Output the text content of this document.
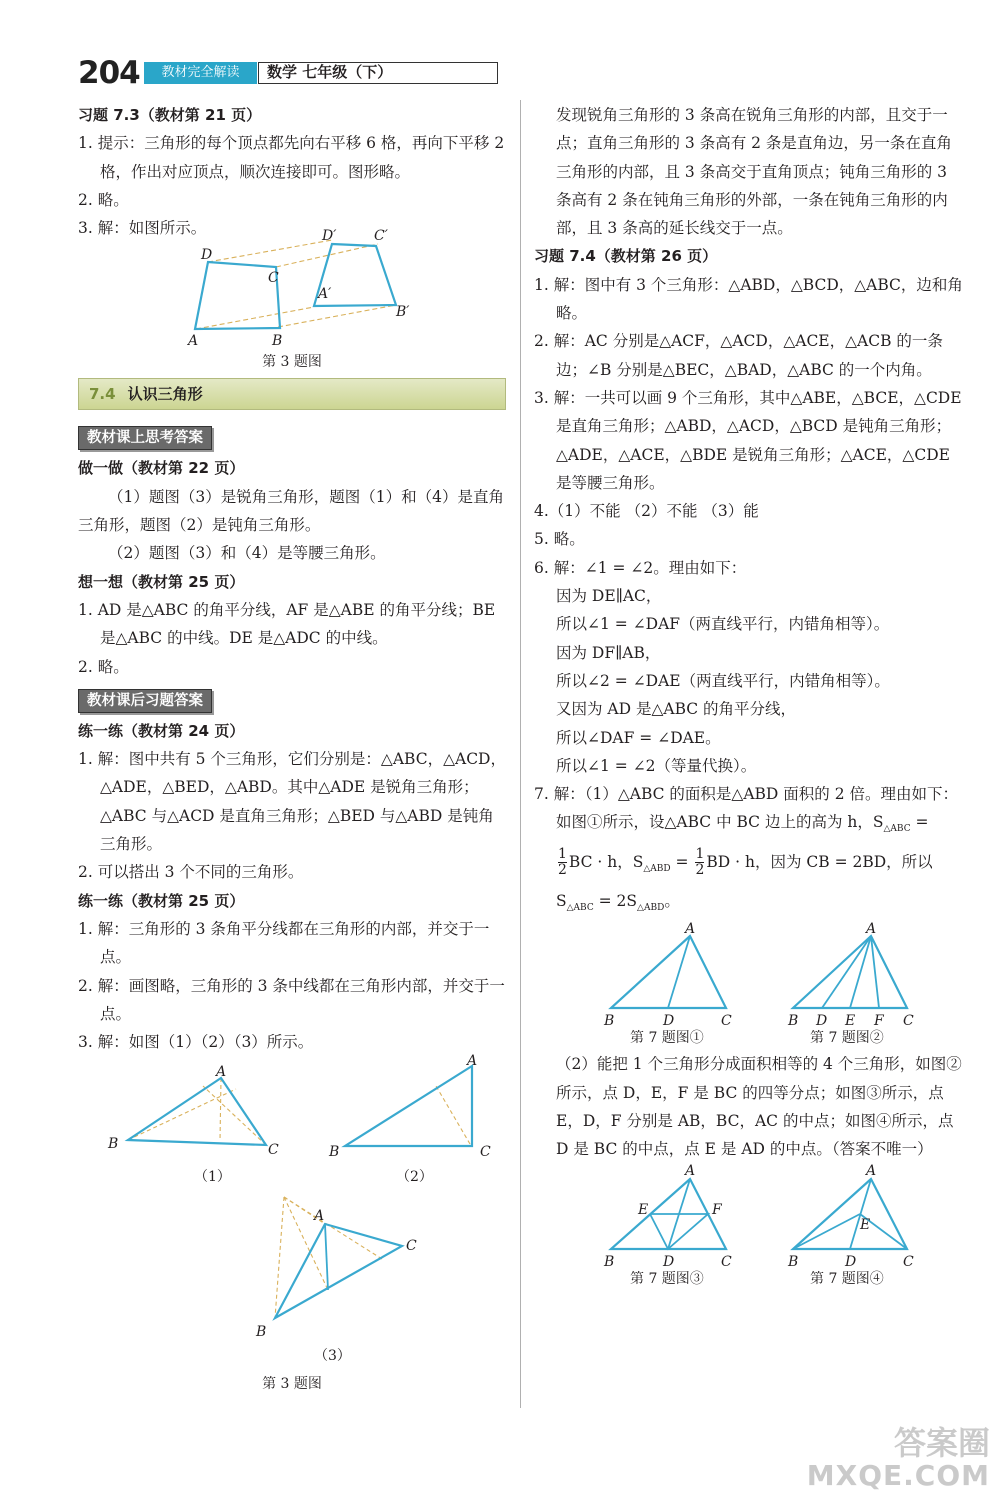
204	教材完全解读	数学 七年级（下）

习题 7.3（教材第 21 页）

1. 提示：三角形的每个顶点都先向右平移 6 格，再向下平移 2 格，作出对应顶点，顺次连接即可。图形略。

2. 略。

3. 解：如图所示。

D
C
A	B
D′	C′
A′
B′
第 3 题图
7.4 认识三角形
教材课上思考答案

做一做（教材第 22 页）

（1）题图（3）是锐角三角形，题图（1）和（4）是直角三角形，题图（2）是钝角三角形。

（2）题图（3）和（4）是等腰三角形。

想一想（教材第 25 页）

1. AD 是△ABC 的角平分线，AF 是△ABE 的角平分线；BE 是△ABC 的中线。DE 是△ADC 的中线。

2. 略。

教材课后习题答案

练一练（教材第 24 页）

1. 解：图中共有 5 个三角形，它们分别是：△ABC，△ACD，△ADE，△BED，△ABD。其中△ADE 是锐角三角形；△ABC 与△ACD 是直角三角形；△BED 与△ABD 是钝角三角形。

2. 可以搭出 3 个不同的三角形。

练一练（教材第 25 页）

1. 解：三角形的 3 条角平分线都在三角形的内部，并交于一点。

2. 解：画图略，三角形的 3 条中线都在三角形内部，并交于一点。

3. 解：如图（1）（2）（3）所示。

A
B	C
A
B	C
A
B
C
（1）	（2）
（3）
第 3 题图

发现锐角三角形的 3 条高在锐角三角形的内部，且交于一点；直角三角形的 3 条高有 2 条是直角边，另一条在直角三角形的内部，且 3 条高交于直角顶点；钝角三角形的 3 条高有 2 条在钝角三角形的外部，一条在钝角三角形的内部，且 3 条高的延长线交于一点。

习题 7.4（教材第 26 页）

1. 解：图中有 3 个三角形：△ABD，△BCD，△ABC，边和角略。

2. 解：AC 分别是△ACF，△ACD，△ACE，△ACB 的一条边；∠B 分别是△BEC，△BAD，△ABC 的一个内角。

3. 解：一共可以画 9 个三角形，其中△ABE，△BCE，△CDE 是直角三角形；△ABD，△ACD，△BCD 是钝角三角形；△ADE，△ACE，△BDE 是锐角三角形；△ACE，△CDE 是等腰三角形。

4.（1）不能 （2）不能 （3）能

5. 略。

6. 解：∠1 = ∠2。理由如下：

因为 DE∥AC，

所以∠1 = ∠DAF（两直线平行，内错角相等）。

因为 DF∥AB，

所以∠2 = ∠DAE（两直线平行，内错角相等）。

又因为 AD 是△ABC 的角平分线，

所以∠DAF = ∠DAE。

所以∠1 = ∠2（等量代换）。

7. 解：（1）△ABC 的面积是△ABD 面积的 2 倍。理由如下：

如图①所示，设△ABC 中 BC 边上的高为 h，$S_{\triangle ABC}$ =

$\frac{1}{2}$ BC · h，$S_{\triangle ABD} = \frac{1}{2}$ BD · h，因为 CB = 2BD，所以

$S_{\triangle ABC} = 2S_{\triangle ABD}$。

A
B	D	C
A
B D E F C
第 7 题图①	第 7 题图②

（2）能把 1 个三角形分成面积相等的 4 个三角形，如图②所示，点 D，E，F 是 BC 的四等分点；如图③所示，点 E，D，F 分别是 AB，BC，AC 的中点；如图④所示，点 D 是 BC 的中点，点 E 是 AD 的中点。（答案不唯一）

A
E	F
B	D	C
A
E
B	D	C
第 7 题图③	第 7 题图④
答案圈
MXQE.COM
